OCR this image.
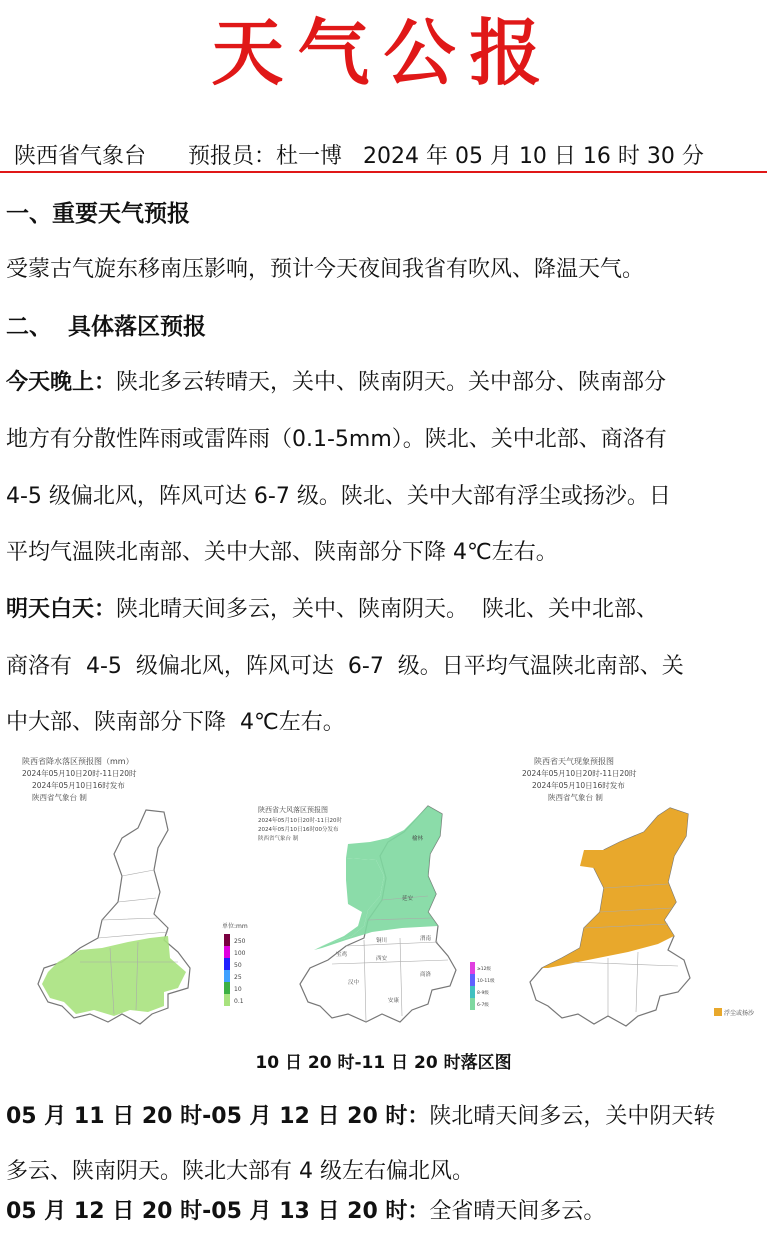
天气公报
陕西省气象台 预报员：杜一博 2024 年 05 月 10 日 16 时 30 分
一、重要天气预报
受蒙古气旋东移南压影响，预计今天夜间我省有吹风、降温天气。
二、  具体落区预报
今天晚上：陕北多云转晴天，关中、陕南阴天。关中部分、陕南部分
地方有分散性阵雨或雷阵雨（0.1-5mm）。陕北、关中北部、商洛有
4-5 级偏北风，阵风可达 6-7 级。陕北、关中大部有浮尘或扬沙。日
平均气温陕北南部、关中大部、陕南部分下降 4℃左右。
明天白天：陕北晴天间多云，关中、陕南阴天。  陕北、关中北部、
商洛有  4-5  级偏北风，阵风可达  6-7  级。日平均气温陕北南部、关
中大部、陕南部分下降  4℃左右。
陕西省降水落区预报图（mm）
2024年05月10日20时-11日20时
2024年05月10日16时发布
陕西省气象台 制
单位:mm
250
100
50
25
10
0.1
陕西省大风落区预报图
2024年05月10日20时-11日20时
2024年05月10日16时00分发布
陕西省气象台 制	榆林
延安
铜川	渭南
宝鸡
西安
商洛
汉中
安康
≥12级
10-11级
8-9级
6-7级
陕西省天气现象预报图
2024年05月10日20时-11日20时
2024年05月10日16时发布
陕西省气象台 制
浮尘或扬沙
10 日 20 时-11 日 20 时落区图
05 月 11 日 20 时-05 月 12 日 20 时：陕北晴天间多云，关中阴天转
多云、陕南阴天。陕北大部有 4 级左右偏北风。
05 月 12 日 20 时-05 月 13 日 20 时：全省晴天间多云。
